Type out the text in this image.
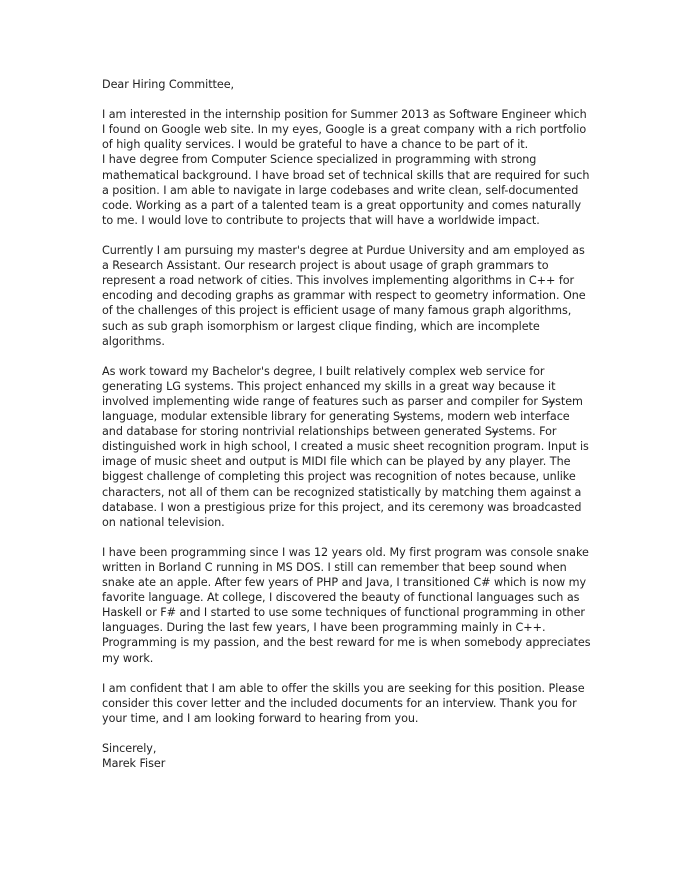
Dear Hiring Committee,

I am interested in the internship position for Summer 2013 as Software Engineer which I found on Google web site. In my eyes, Google is a great company with a rich portfolio of high quality services. I would be grateful to have a chance to be part of it.

I have degree from Computer Science specialized in programming with strong mathematical background. I have broad set of technical skills that are required for such a position. I am able to navigate in large codebases and write clean, self-documented code. Working as a part of a talented team is a great opportunity and comes naturally to me. I would love to contribute to projects that will have a worldwide impact.

Currently I am pursuing my master's degree at Purdue University and am employed as a Research Assistant. Our research project is about usage of graph grammars to represent a road network of cities. This involves implementing algorithms in C++ for encoding and decoding graphs as grammar with respect to geometry information. One of the challenges of this project is efficient usage of many famous graph algorithms, such as sub graph isomorphism or largest clique finding, which are incomplete algorithms.

As work toward my Bachelor's degree, I built relatively complex web service for generating LG systems. This project enhanced my skills in a great way because it involved implementing wide range of features such as parser and compiler for Sy̶stem language, modular extensible library for generating Sy̶stems, modern web interface and database for storing nontrivial relationships between generated Sy̶stems. For distinguished work in high school, I created a music sheet recognition program. Input is image of music sheet and output is MIDI file which can be played by any player. The biggest challenge of completing this project was recognition of notes because, unlike characters, not all of them can be recognized statistically by matching them against a database. I won a prestigious prize for this project, and its ceremony was broadcasted on national television.

I have been programming since I was 12 years old. My first program was console snake written in Borland C running in MS DOS. I still can remember that beep sound when snake ate an apple. After few years of PHP and Java, I transitioned C# which is now my favorite language. At college, I discovered the beauty of functional languages such as Haskell or F# and I started to use some techniques of functional programming in other languages. During the last few years, I have been programming mainly in C++. Programming is my passion, and the best reward for me is when somebody appreciates my work.

I am confident that I am able to offer the skills you are seeking for this position. Please consider this cover letter and the included documents for an interview. Thank you for your time, and I am looking forward to hearing from you.

Sincerely,

Marek Fiser
